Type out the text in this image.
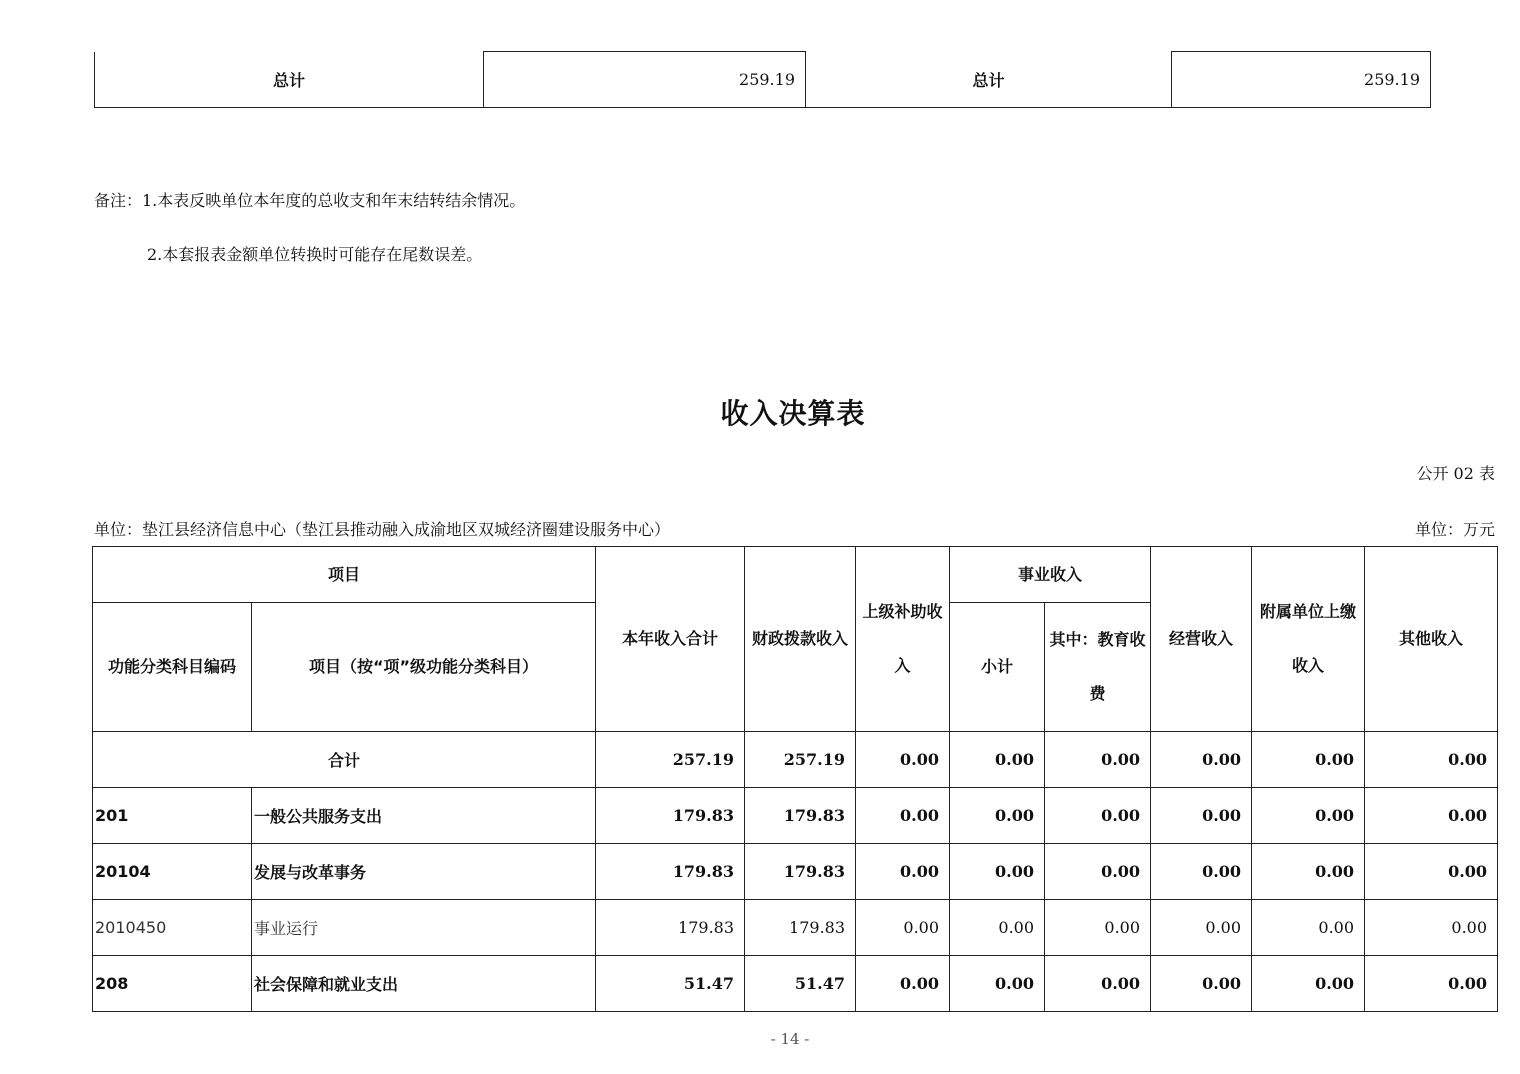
总计	259.19	总计	259.19
备注：1.本表反映单位本年度的总收支和年末结转结余情况。
2.本套报表金额单位转换时可能存在尾数误差。
收入决算表
公开 02 表
单位：垫江县经济信息中心（垫江县推动融入成渝地区双城经济圈建设服务中心）	单位：万元
项目		本年收入合计	财政拨款收入	上级补助收入	事业收入		经营收入	附属单位上缴收入	其他收入
功能分类科目编码	项目（按“项”级功能分类科目）				小计	其中：教育收费			
合计		257.19	257.19	0.00	0.00	0.00	0.00	0.00	0.00
201	一般公共服务支出	179.83	179.83	0.00	0.00	0.00	0.00	0.00	0.00
20104	发展与改革事务	179.83	179.83	0.00	0.00	0.00	0.00	0.00	0.00
2010450	事业运行	179.83	179.83	0.00	0.00	0.00	0.00	0.00	0.00
208	社会保障和就业支出	51.47	51.47	0.00	0.00	0.00	0.00	0.00	0.00
- 14 -
